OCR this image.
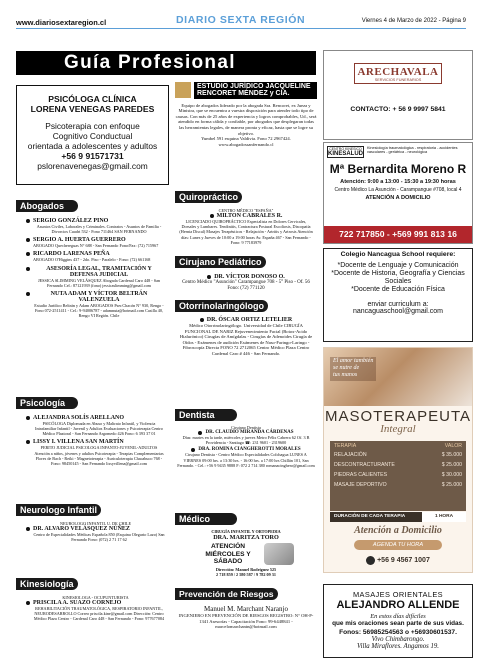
www.diariosextaregion.cl	DIARIO SEXTA REGIÓN	Viernes 4 de Marzo de 2022 - Página 9
Guía Profesional
PSICÓLOGA CLÍNICA
LORENA VENEGAS PAREDES
Psicoterapia con enfoque
Cognitivo Conductual
orientada a adolescentes y adultos
+56 9 91571731
pslorenavenegas@gmail.com
Abogados
SERGIO GONZÁLEZ PINO
Asuntos Civiles, Laborales y Criminales. Contratos - Asuntos de Familia - Divorcios Cuadri 532 - Fono 711464 SAN FERNANDO
SERGIO A. HUERTA GUERRERO
ABOGADO Quechereguas N° 688 - San Fernando Fono/Fax: (72) 715967
RICARDO LARENAS PEÑA
ABOGADO O'Higgins 437 - 2do. Piso - Paralelo - Fono: (72) 661168
ASESORÍA LEGAL, TRAMITACIÓN Y DEFENSA JUDICIAL
JESSICA SLIMMING VELÁSQUEZ Abogada Cardenal Caro 448 - San Fernando Cel.: 87121939 (fono) jessicaslimming@gmail.com
NUTA ADAM Y VÍCTOR BELTRÁN VALENZUELA
Estudio Jurídico Beltrán y Adam ABOGADOS Pser.Chacón N° 930, Rengo - Fono 072-2511411 - Cel.: 9-94006787 - adamnuta@hotmail.com Casilla 40, Rengo VI Región. Chile
Psicología
ALEJANDRA SOLÍS ARELLANO
PSICÓLOGA Diplomada en Abuso y Maltrato Infantil, y Violencia Intrafamiliar Infantil - Juvenil y Adultos Evaluaciones y Psicoterapia Centro Médico Plaztoral - San Fernando Argomedo 426 Fono: 6 393 37 01
LISSY I. VILLENA SAN MARTÍN
PERITO JUDICIAL PSICOLOGA INFANTO-JUVENIL-ADULTOS Atención a niños, jóvenes y adultos Psicoterapia - Terapias Complementarias Flores de Bach - Reiki - Magnetoterapia - Auriculoterapia Chacabuco 768 - Fono: 98450145 - San Fernando lissyvillena@gmail.com
Neurologo Infantil
NEUROLOGO INFANTIL U. DE CHILE
DR. ALVARO VELÁSQUEZ NÚÑEZ
Centro de Especialidades Médicas Española 850 (Esquina Olegario Lazo) San Fernando Fono: (072) 2 71 17 62
Kinesiología
KINESIOLOGA - OCUPUNTURISTA
PRISCILA A. SUAZO CORNEJO
REHABILITACIÓN TRAUMATOLÓGICA, RESPIRATORIO INFANTIL, NEURODESARROLLO Correo priscila.kine@gmail.com Dirección: Centro Médico Plaza Centro - Cardenal Caro 448 - San Fernando - Fono: 977677084
ESTUDIO JURÍDICO JACQUELINE RENCORET MÉNDEZ y CÍA.
Equipo de abogados liderado por la abogada Sra. Rencoret, ex Jueza y Ministra, que se encuentra a vuestra disposición para atender todo tipo de causas. Con más de 25 años de experiencia y logros comprobables, Ud., será atendido en forma cálida y confiable, por abogados que desplegaran todas las herramientas legales, de manera pronta y eficaz, hasta que se logre su objetivo.
Yumbel 591 esquina Valdivia. Fono 72 2967424.
www.abogadossanfernando.cl
Quiropráctico
CENTRO MÉDICO "ESPAÑA"
MILTON CABRALES R.
LICENCIADO QUIROPRÁCTICO Especialista en Dolores Cervicales, Dorsales y Lumbares. Tendinitis, Contractura Postural Escoliosis, Discopatía (Hernia Discal) Masajes Terapéuticos - Relajación - Artritis y Artrosis Atención días: Lunes y Jueves de 10:00 a 19:00 horas Av. España 467 - San Fernando - Fono: 9 77183979
Cirujano Pediátrico
DR. VÍCTOR DONOSO O.
Centro Médico "Asunción" Carampangue 708 - 5° Piso - Of. 56 Fono: (72) 771120
Otorrinolaringólogo
DR. ÓSCAR ORTIZ LETELIER
Médico Otorrinolaringólogo. Universidad de Chile CIRUGÍA FUNCIONAL DE NARIZ Rejuvenecimiento Facial (Botox-Acido Hialurónico) Cirugías de Amígdalas - Cirugías de Adenoides Cirugía de Oídos - Exámenes de audición Exámenes de Naso-Faringo-Laringo -Fibroscopía Directa FONO 72 2712065 Centro Médico Plaza Centro Cardenal Caro # 446 - San Fernando.
Dentista
Cirujano Dentista
DR. CLAUDIO MIRANDA CÁRDENAS
Días: martes en la tarde, miércoles y jueves Metro Félix Cabrera 62 Of. 3 B Providencia - Santiago ☎: 231 9601 - 2319600
DRA. ROMINA CIANGHEROTTI MORALES
Cirujano Dentista - Centro Médico Especialidades Colchagua LUNES A VIERNES 09:00 hrs. a 13:30 hrs. - 16:00 hrs. a 17:00 hrs Chillán 101, San Fernando. - Cel.: +56 9 9435 9888 F: 072 2 714 380 romanacinghero@gmail.com
Médico
CIRUGÍA INFANTIL Y ORTOPEDIA
DRA. MARITZA TORO
ATENCIÓN MIÉRCOLES Y SÁBADO
Dirección: Manuel Rodríguez 525
2 718 859 / 2 580 587 / 9 782 09 31
Prevención de Riesgos
Manuel M. Marchant Naranjo
INGENIERO EN PREVENCIÓN DE RIESGOS REGISTRO: N° OH-P-1341 Asesorías - Capacitación Fono: 99-6448841 - marcelomarchantn@hotmail.com
ARECHAVALA
SERVICIOS FUNERARIOS
CONTACTO: + 56 9 9997 5841
CENTRO KINESICO
KINESALUD
Kinesiología traumatológica - respiratoria - accidentes vasculares - geriátrica - neurológica
Mª Bernardita Moreno R
Atención: 9:00 a 13:00 - 15:30 a 19:30 horas
Centro Médico La Asunción - Carampangue #708, local 4
ATENCIÓN A DOMICILIO
722 717850 - +569 991 813 16
Colegio Nancagua School requiere:
*Docente de Lenguaje y Comunicación
*Docente de Historia, Geografía y Ciencias Sociales
*Docente de Educación Física
enviar curriculum a:
nancaguaschool@gmail.com
El amor también
se nutre de
tus manos
MASOTERAPEUTA
Integral
TERAPIA	VALOR
RELAJACIÓN	$ 35.000
DESCONTRACTURANTE	$ 25.000
PIEDRAS CALIENTES	$ 30.000
MASAJE DEPORTIVO	$ 25.000
DURACIÓN DE CADA TERAPIA	1 HORA
Atención a Domicilio
AGENDA TU HORA
+56 9 4567 1007
MASAJES ORIENTALES
ALEJANDRO ALLENDE
En estos días difíciles
que mis oraciones sean parte de sus vidas.
Fonos: 56985254563 o +56930601537.
Vivo Chimbarongo.
Villa Miraflores. Angamos 19.
